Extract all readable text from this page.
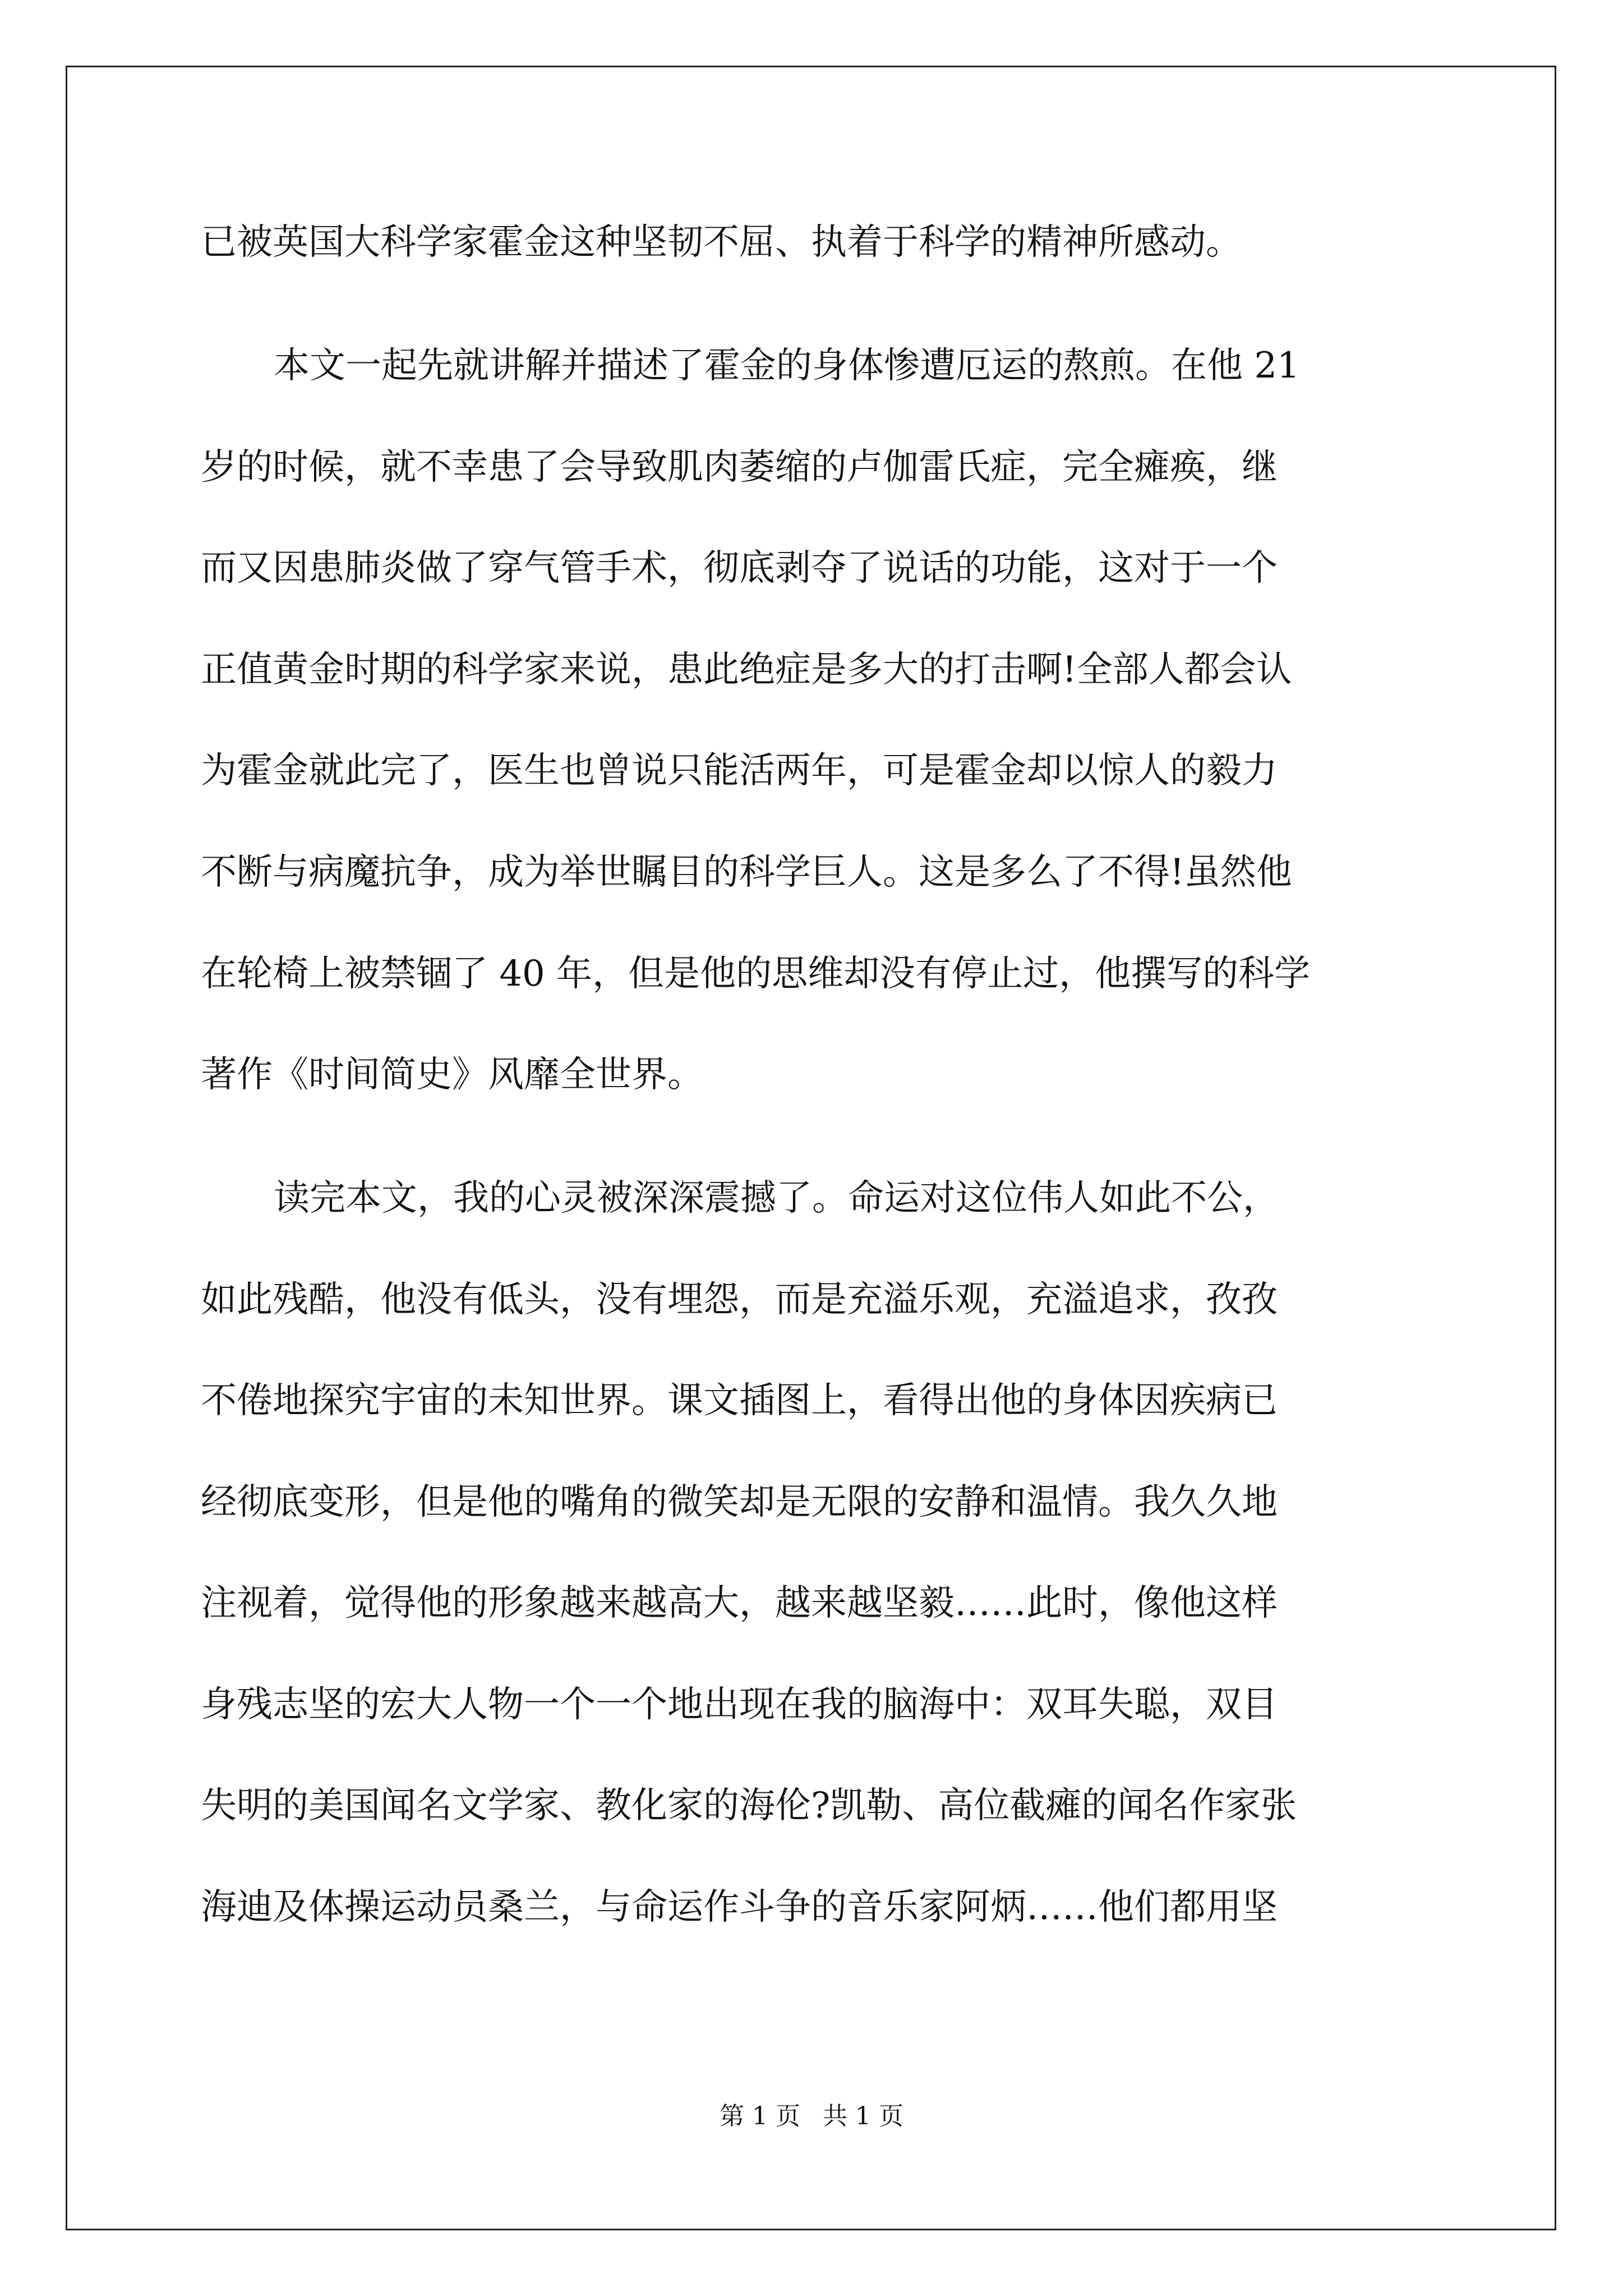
已被英国大科学家霍金这种坚韧不屈、执着于科学的精神所感动。
本文一起先就讲解并描述了霍金的身体惨遭厄运的熬煎。在他 21
岁的时候，就不幸患了会导致肌肉萎缩的卢伽雷氏症，完全瘫痪，继
而又因患肺炎做了穿气管手术，彻底剥夺了说话的功能，这对于一个
正值黄金时期的科学家来说，患此绝症是多大的打击啊!全部人都会认
为霍金就此完了，医生也曾说只能活两年，可是霍金却以惊人的毅力
不断与病魔抗争，成为举世瞩目的科学巨人。这是多么了不得!虽然他
在轮椅上被禁锢了 40 年，但是他的思维却没有停止过，他撰写的科学
著作《时间简史》风靡全世界。
读完本文，我的心灵被深深震撼了。命运对这位伟人如此不公，
如此残酷，他没有低头，没有埋怨，而是充溢乐观，充溢追求，孜孜
不倦地探究宇宙的未知世界。课文插图上，看得出他的身体因疾病已
经彻底变形，但是他的嘴角的微笑却是无限的安静和温情。我久久地
注视着，觉得他的形象越来越高大，越来越坚毅……此时，像他这样
身残志坚的宏大人物一个一个地出现在我的脑海中：双耳失聪，双目
失明的美国闻名文学家、教化家的海伦?凯勒、高位截瘫的闻名作家张
海迪及体操运动员桑兰，与命运作斗争的音乐家阿炳……他们都用坚
第 1 页 共 1 页
